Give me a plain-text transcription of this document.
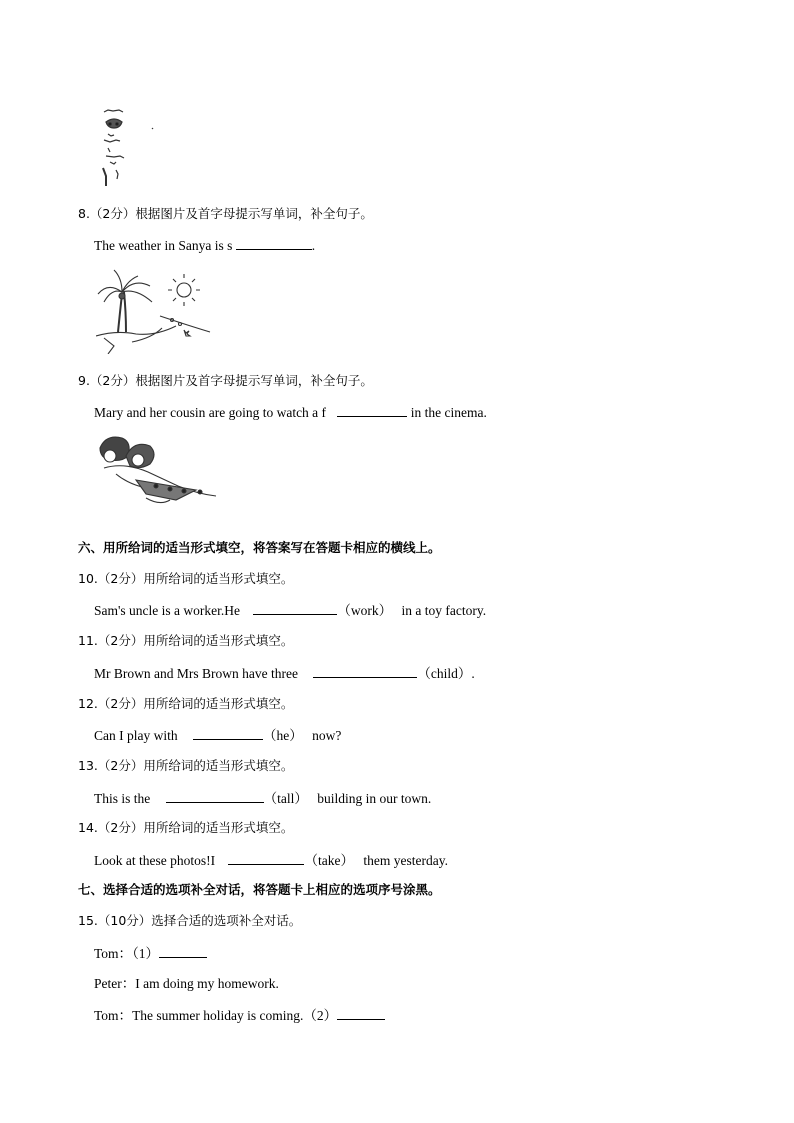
8.（2分）根据图片及首字母提示写单词，补全句子。
The weather in Sanya is s	.
9.（2分）根据图片及首字母提示写单词，补全句子。
Mary and her cousin are going to watch a f	in the cinema.
六、用所给词的适当形式填空，将答案写在答题卡相应的横线上。
10.（2分）用所给词的适当形式填空。
Sam's uncle is a worker.He	（work） in a toy factory.
11.（2分）用所给词的适当形式填空。
Mr Brown and Mrs Brown have three	（child）.
12.（2分）用所给词的适当形式填空。
Can I play with	（he） now?
13.（2分）用所给词的适当形式填空。
This is the	（tall） building in our town.
14.（2分）用所给词的适当形式填空。
Look at these photos!I	（take） them yesterday.
七、选择合适的选项补全对话，将答题卡上相应的选项序号涂黑。
15.（10分）选择合适的选项补全对话。
Tom：（1）
Peter：I am doing my homework.
Tom：The summer holiday is coming.（2）
